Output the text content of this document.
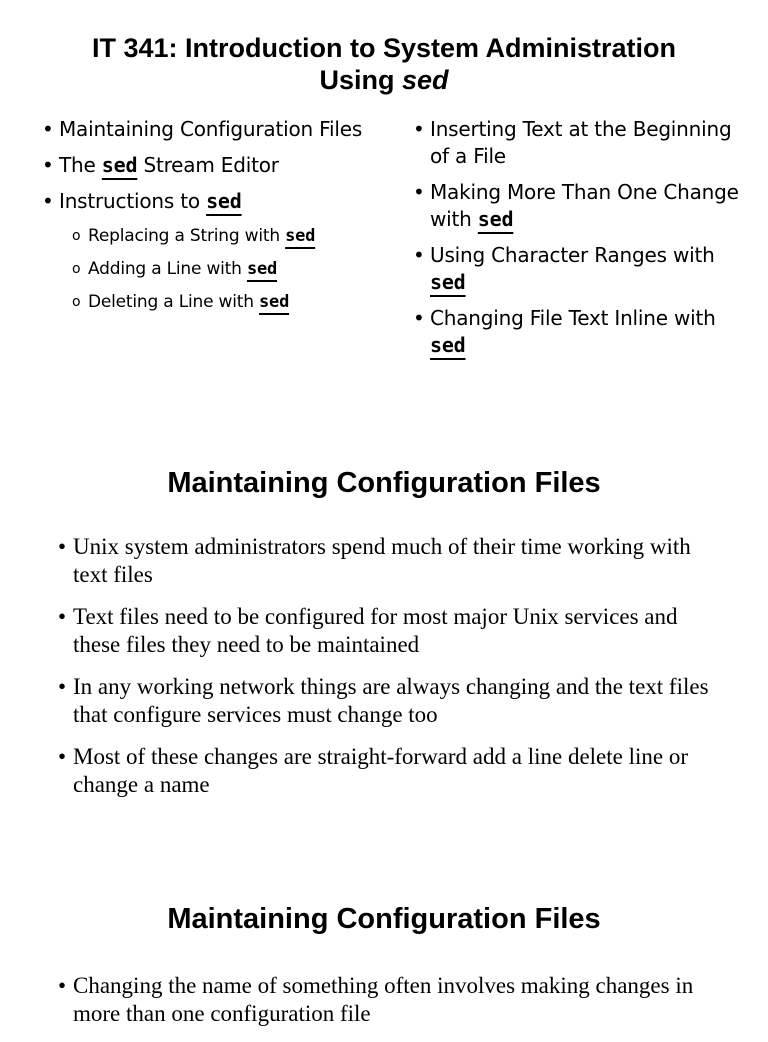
IT 341: Introduction to System Administration
Using sed
• Maintaining Configuration Files
• The sed Stream Editor
• Instructions to sed
o Replacing a String with sed
o Adding a Line with sed
o Deleting a Line with sed
• Inserting Text at the Beginning of a File
• Making More Than One Change with sed
• Using Character Ranges with sed
• Changing File Text Inline with sed
Maintaining Configuration Files
• Unix system administrators spend much of their time working with text files
• Text files need to be configured for most major Unix services and these files they need to be maintained
• In any working network things are always changing and the text files that configure services must change too
• Most of these changes are straight-forward add a line delete line or change a name
Maintaining Configuration Files
• Changing the name of something often involves making changes in more than one configuration file
